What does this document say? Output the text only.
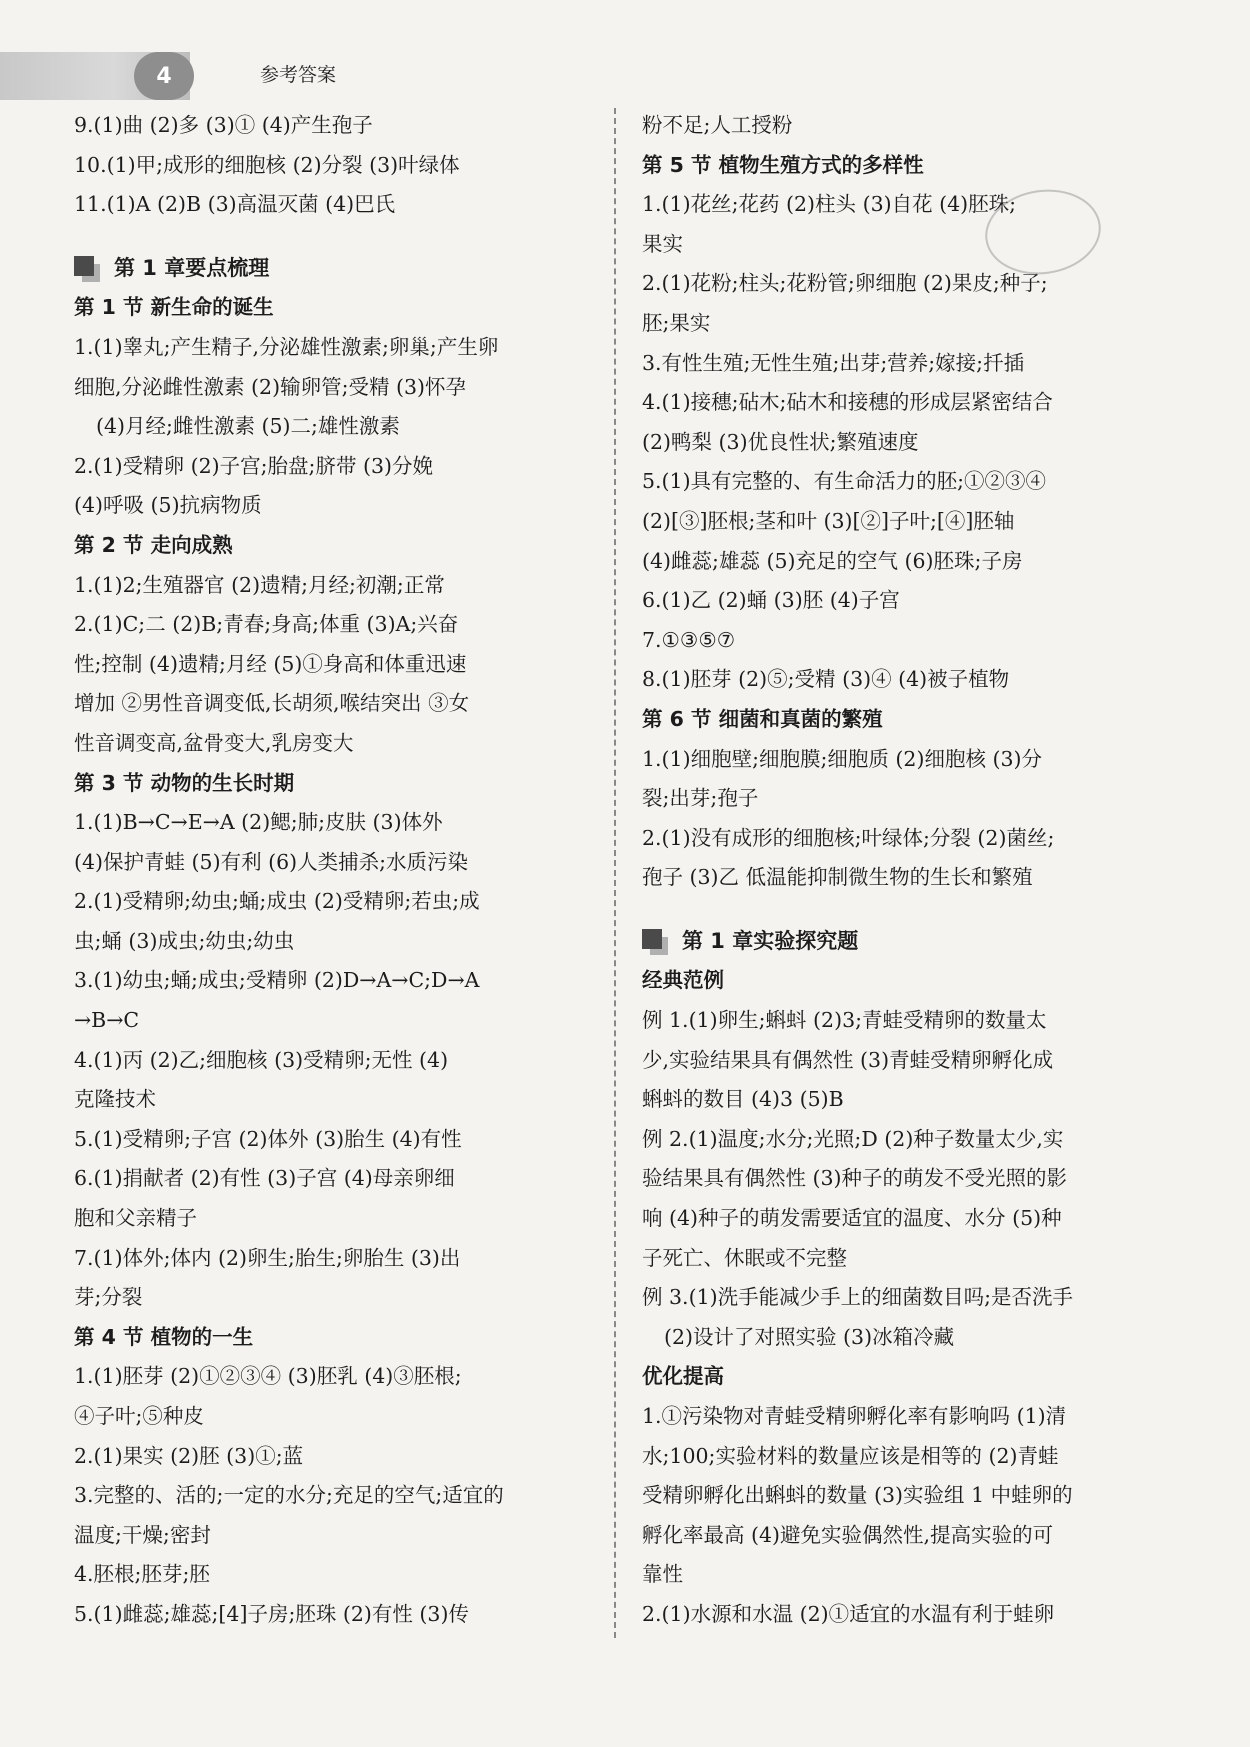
4	参考答案
9.(1)曲 (2)多 (3)① (4)产生孢子
10.(1)甲;成形的细胞核 (2)分裂 (3)叶绿体
11.(1)A (2)B (3)高温灭菌 (4)巴氏
第 1 章要点梳理
第 1 节 新生命的诞生
1.(1)睾丸;产生精子,分泌雄性激素;卵巢;产生卵
细胞,分泌雌性激素 (2)输卵管;受精 (3)怀孕
(4)月经;雌性激素 (5)二;雄性激素
2.(1)受精卵 (2)子宫;胎盘;脐带 (3)分娩
(4)呼吸 (5)抗病物质
第 2 节 走向成熟
1.(1)2;生殖器官 (2)遗精;月经;初潮;正常
2.(1)C;二 (2)B;青春;身高;体重 (3)A;兴奋
性;控制 (4)遗精;月经 (5)①身高和体重迅速
增加 ②男性音调变低,长胡须,喉结突出 ③女
性音调变高,盆骨变大,乳房变大
第 3 节 动物的生长时期
1.(1)B→C→E→A (2)鳃;肺;皮肤 (3)体外
(4)保护青蛙 (5)有利 (6)人类捕杀;水质污染
2.(1)受精卵;幼虫;蛹;成虫 (2)受精卵;若虫;成
虫;蛹 (3)成虫;幼虫;幼虫
3.(1)幼虫;蛹;成虫;受精卵 (2)D→A→C;D→A
→B→C
4.(1)丙 (2)乙;细胞核 (3)受精卵;无性 (4)
克隆技术
5.(1)受精卵;子宫 (2)体外 (3)胎生 (4)有性
6.(1)捐献者 (2)有性 (3)子宫 (4)母亲卵细
胞和父亲精子
7.(1)体外;体内 (2)卵生;胎生;卵胎生 (3)出
芽;分裂
第 4 节 植物的一生
1.(1)胚芽 (2)①②③④ (3)胚乳 (4)③胚根;
④子叶;⑤种皮
2.(1)果实 (2)胚 (3)①;蓝
3.完整的、活的;一定的水分;充足的空气;适宜的
温度;干燥;密封
4.胚根;胚芽;胚
5.(1)雌蕊;雄蕊;[4]子房;胚珠 (2)有性 (3)传
粉不足;人工授粉
第 5 节 植物生殖方式的多样性
1.(1)花丝;花药 (2)柱头 (3)自花 (4)胚珠;
果实
2.(1)花粉;柱头;花粉管;卵细胞 (2)果皮;种子;
胚;果实
3.有性生殖;无性生殖;出芽;营养;嫁接;扦插
4.(1)接穗;砧木;砧木和接穗的形成层紧密结合
(2)鸭梨 (3)优良性状;繁殖速度
5.(1)具有完整的、有生命活力的胚;①②③④
(2)[③]胚根;茎和叶 (3)[②]子叶;[④]胚轴
(4)雌蕊;雄蕊 (5)充足的空气 (6)胚珠;子房
6.(1)乙 (2)蛹 (3)胚 (4)子宫
7.①③⑤⑦
8.(1)胚芽 (2)⑤;受精 (3)④ (4)被子植物
第 6 节 细菌和真菌的繁殖
1.(1)细胞壁;细胞膜;细胞质 (2)细胞核 (3)分
裂;出芽;孢子
2.(1)没有成形的细胞核;叶绿体;分裂 (2)菌丝;
孢子 (3)乙 低温能抑制微生物的生长和繁殖
第 1 章实验探究题
经典范例
例 1.(1)卵生;蝌蚪 (2)3;青蛙受精卵的数量太
少,实验结果具有偶然性 (3)青蛙受精卵孵化成
蝌蚪的数目 (4)3 (5)B
例 2.(1)温度;水分;光照;D (2)种子数量太少,实
验结果具有偶然性 (3)种子的萌发不受光照的影
响 (4)种子的萌发需要适宜的温度、水分 (5)种
子死亡、休眠或不完整
例 3.(1)洗手能减少手上的细菌数目吗;是否洗手
(2)设计了对照实验 (3)冰箱冷藏
优化提高
1.①污染物对青蛙受精卵孵化率有影响吗 (1)清
水;100;实验材料的数量应该是相等的 (2)青蛙
受精卵孵化出蝌蚪的数量 (3)实验组 1 中蛙卵的
孵化率最高 (4)避免实验偶然性,提高实验的可
靠性
2.(1)水源和水温 (2)①适宜的水温有利于蛙卵
